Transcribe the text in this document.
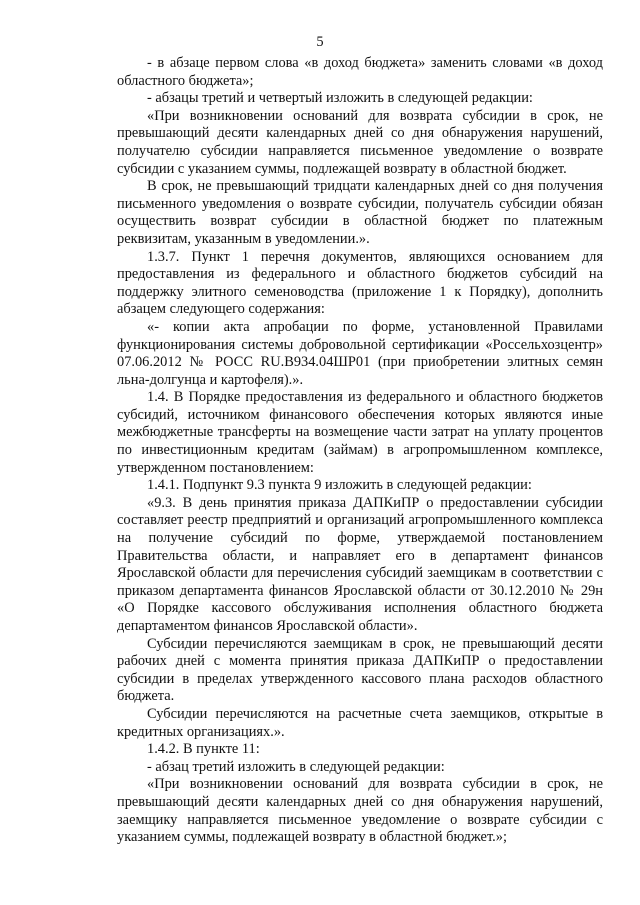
5

- в абзаце первом слова «в доход бюджета» заменить словами «в доход областного бюджета»;

- абзацы третий и четвертый изложить в следующей редакции:

«При возникновении оснований для возврата субсидии в срок, не превышающий десяти календарных дней со дня обнаружения нарушений, получателю субсидии направляется письменное уведомление о возврате субсидии с указанием суммы, подлежащей возврату в областной бюджет.

В срок, не превышающий тридцати календарных дней со дня получения письменного уведомления о возврате субсидии, получатель субсидии обязан осуществить возврат субсидии в областной бюджет по платежным реквизитам, указанным в уведомлении.».

1.3.7. Пункт 1 перечня документов, являющихся основанием для предоставления из федерального и областного бюджетов субсидий на поддержку элитного семеноводства (приложение 1 к Порядку), дополнить абзацем следующего содержания:

«- копии акта апробации по форме, установленной Правилами функционирования системы добровольной сертификации «Россельхозцентр» 07.06.2012 № РОСС RU.В934.04ШР01 (при приобретении элитных семян льна-долгунца и картофеля).».

1.4. В Порядке предоставления из федерального и областного бюджетов субсидий, источником финансового обеспечения которых являются иные межбюджетные трансферты на возмещение части затрат на уплату процентов по инвестиционным кредитам (займам) в агропромышленном комплексе, утвержденном постановлением:

1.4.1. Подпункт 9.3 пункта 9 изложить в следующей редакции:

«9.3. В день принятия приказа ДАПКиПР о предоставлении субсидии составляет реестр предприятий и организаций агропромышленного комплекса на получение субсидий по форме, утверждаемой постановлением Правительства области, и направляет его в департамент финансов Ярославской области для перечисления субсидий заемщикам в соответствии с приказом департамента финансов Ярославской области от 30.12.2010 № 29н «О Порядке кассового обслуживания исполнения областного бюджета департаментом финансов Ярославской области».

Субсидии перечисляются заемщикам в срок, не превышающий десяти рабочих дней с момента принятия приказа ДАПКиПР о предоставлении субсидии в пределах утвержденного кассового плана расходов областного бюджета.

Субсидии перечисляются на расчетные счета заемщиков, открытые в кредитных организациях.».

1.4.2. В пункте 11:

- абзац третий изложить в следующей редакции:

«При возникновении оснований для возврата субсидии в срок, не превышающий десяти календарных дней со дня обнаружения нарушений, заемщику направляется письменное уведомление о возврате субсидии с указанием суммы, подлежащей возврату в областной бюджет.»;
